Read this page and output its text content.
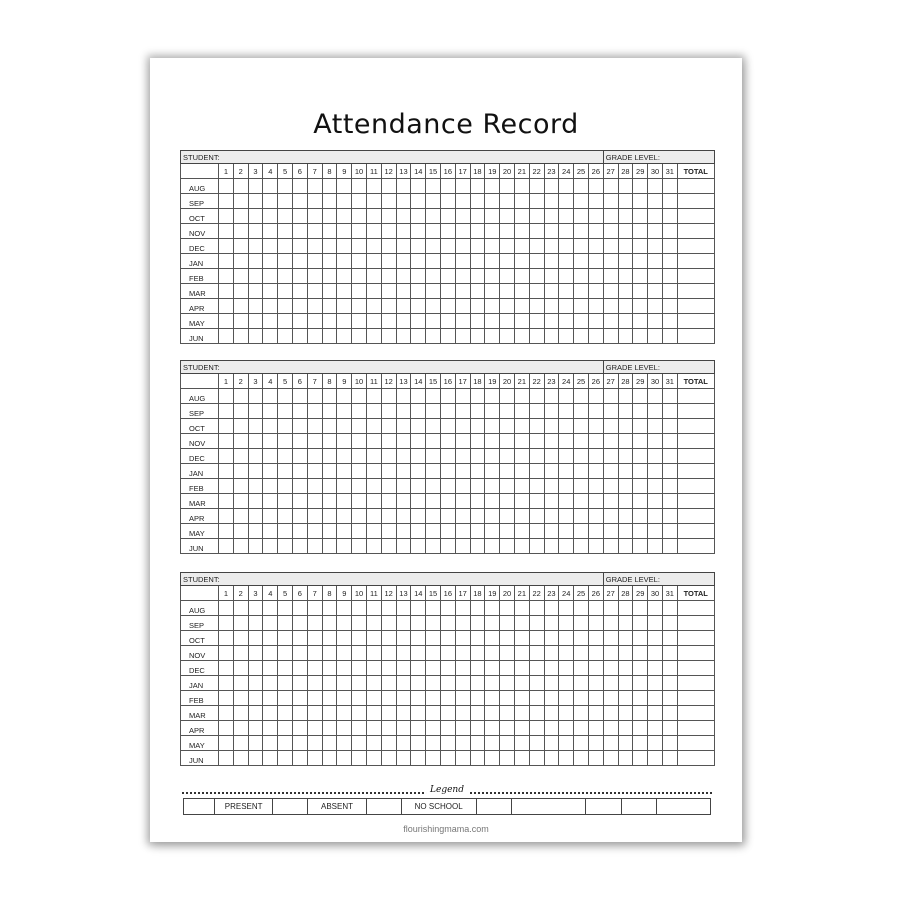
Attendance Record
STUDENT:																											GRADE LEVEL:					
	1	2	3	4	5	6	7	8	9	10	11	12	13	14	15	16	17	18	19	20	21	22	23	24	25	26	27	28	29	30	31	TOTAL
AUG																																
SEP																																
OCT																																
NOV																																
DEC																																
JAN																																
FEB																																
MAR																																
APR																																
MAY																																
JUN																																
STUDENT:																											GRADE LEVEL:					
	1	2	3	4	5	6	7	8	9	10	11	12	13	14	15	16	17	18	19	20	21	22	23	24	25	26	27	28	29	30	31	TOTAL
AUG																																
SEP																																
OCT																																
NOV																																
DEC																																
JAN																																
FEB																																
MAR																																
APR																																
MAY																																
JUN																																
STUDENT:																											GRADE LEVEL:					
	1	2	3	4	5	6	7	8	9	10	11	12	13	14	15	16	17	18	19	20	21	22	23	24	25	26	27	28	29	30	31	TOTAL
AUG																																
SEP																																
OCT																																
NOV																																
DEC																																
JAN																																
FEB																																
MAR																																
APR																																
MAY																																
JUN																																
Legend
	PRESENT		ABSENT		NO SCHOOL					
flourishingmama.com
